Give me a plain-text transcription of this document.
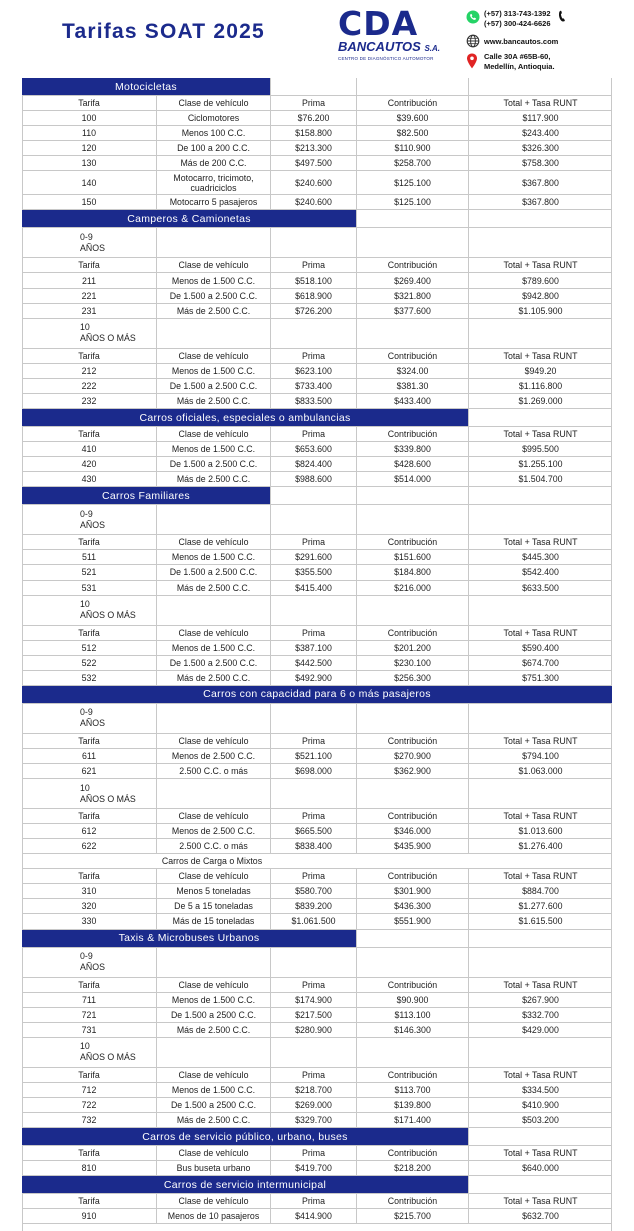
Tarifas SOAT 2025 CDA
BANCAUTOS S.A.
CENTRO DE DIAGNÓSTICO AUTOMOTOR
(+57) 313-743-1392
(+57) 300-424-6626
www.bancautos.com
Calle 30A #65B-60,
Medellín, Antioquia.
Motocicletas
Tarifa	Clase de vehículo	Prima	Contribución	Total + Tasa RUNT
100	Ciclomotores	$76.200	$39.600	$117.900
110	Menos 100 C.C.	$158.800	$82.500	$243.400
120	De 100 a 200 C.C.	$213.300	$110.900	$326.300
130	Más de 200 C.C.	$497.500	$258.700	$758.300
140	Motocarro, tricimoto, cuadriciclos	$240.600	$125.100	$367.800
150	Motocarro 5 pasajeros	$240.600	$125.100	$367.800
Camperos & Camionetas
0-9
AÑOS
Tarifa	Clase de vehículo	Prima	Contribución	Total + Tasa RUNT
211	Menos de 1.500 C.C.	$518.100	$269.400	$789.600
221	De 1.500 a 2.500 C.C.	$618.900	$321.800	$942.800
231	Más de 2.500 C.C.	$726.200	$377.600	$1.105.900
10
AÑOS O MÁS
Tarifa	Clase de vehículo	Prima	Contribución	Total + Tasa RUNT
212	Menos de 1.500 C.C.	$623.100	$324.00	$949.20
222	De 1.500 a 2.500 C.C.	$733.400	$381.30	$1.116.800
232	Más de 2.500 C.C.	$833.500	$433.400	$1.269.000
Carros oficiales, especiales o ambulancias
Tarifa	Clase de vehículo	Prima	Contribución	Total + Tasa RUNT
410	Menos de 1.500 C.C.	$653.600	$339.800	$995.500
420	De 1.500 a 2.500 C.C.	$824.400	$428.600	$1.255.100
430	Más de 2.500 C.C.	$988.600	$514.000	$1.504.700
Carros Familiares
0-9
AÑOS
Tarifa	Clase de vehículo	Prima	Contribución	Total + Tasa RUNT
511	Menos de 1.500 C.C.	$291.600	$151.600	$445.300
521	De 1.500 a 2.500 C.C.	$355.500	$184.800	$542.400
531	Más de 2.500 C.C.	$415.400	$216.000	$633.500
10
AÑOS O MÁS
Tarifa	Clase de vehículo	Prima	Contribución	Total + Tasa RUNT
512	Menos de 1.500 C.C.	$387.100	$201.200	$590.400
522	De 1.500 a 2.500 C.C.	$442.500	$230.100	$674.700
532	Más de 2.500 C.C.	$492.900	$256.300	$751.300
Carros con capacidad para 6 o más pasajeros
0-9
AÑOS
Tarifa	Clase de vehículo	Prima	Contribución	Total + Tasa RUNT
611	Menos de 2.500 C.C.	$521.100	$270.900	$794.100
621	2.500 C.C. o más	$698.000	$362.900	$1.063.000
10
AÑOS O MÁS
Tarifa	Clase de vehículo	Prima	Contribución	Total + Tasa RUNT
612	Menos de 2.500 C.C.	$665.500	$346.000	$1.013.600
622	2.500 C.C. o más	$838.400	$435.900	$1.276.400
Carros de Carga o Mixtos
Tarifa	Clase de vehículo	Prima	Contribución	Total + Tasa RUNT
310	Menos 5 toneladas	$580.700	$301.900	$884.700
320	De 5 a 15 toneladas	$839.200	$436.300	$1.277.600
330	Más de 15 toneladas	$1.061.500	$551.900	$1.615.500
Taxis & Microbuses Urbanos
0-9
AÑOS
Tarifa	Clase de vehículo	Prima	Contribución	Total + Tasa RUNT
711	Menos de 1.500 C.C.	$174.900	$90.900	$267.900
721	De 1.500 a 2500 C.C.	$217.500	$113.100	$332.700
731	Más de 2.500 C.C.	$280.900	$146.300	$429.000
10
AÑOS O MÁS
Tarifa	Clase de vehículo	Prima	Contribución	Total + Tasa RUNT
712	Menos de 1.500 C.C.	$218.700	$113.700	$334.500
722	De 1.500 a 2500 C.C.	$269.000	$139.800	$410.900
732	Más de 2.500 C.C.	$329.700	$171.400	$503.200
Carros de servicio público, urbano, buses
Tarifa	Clase de vehículo	Prima	Contribución	Total + Tasa RUNT
810	Bus buseta urbano	$419.700	$218.200	$640.000
Carros de servicio intermunicipal
Tarifa	Clase de vehículo	Prima	Contribución	Total + Tasa RUNT
910	Menos de 10 pasajeros	$414.900	$215.700	$632.700
